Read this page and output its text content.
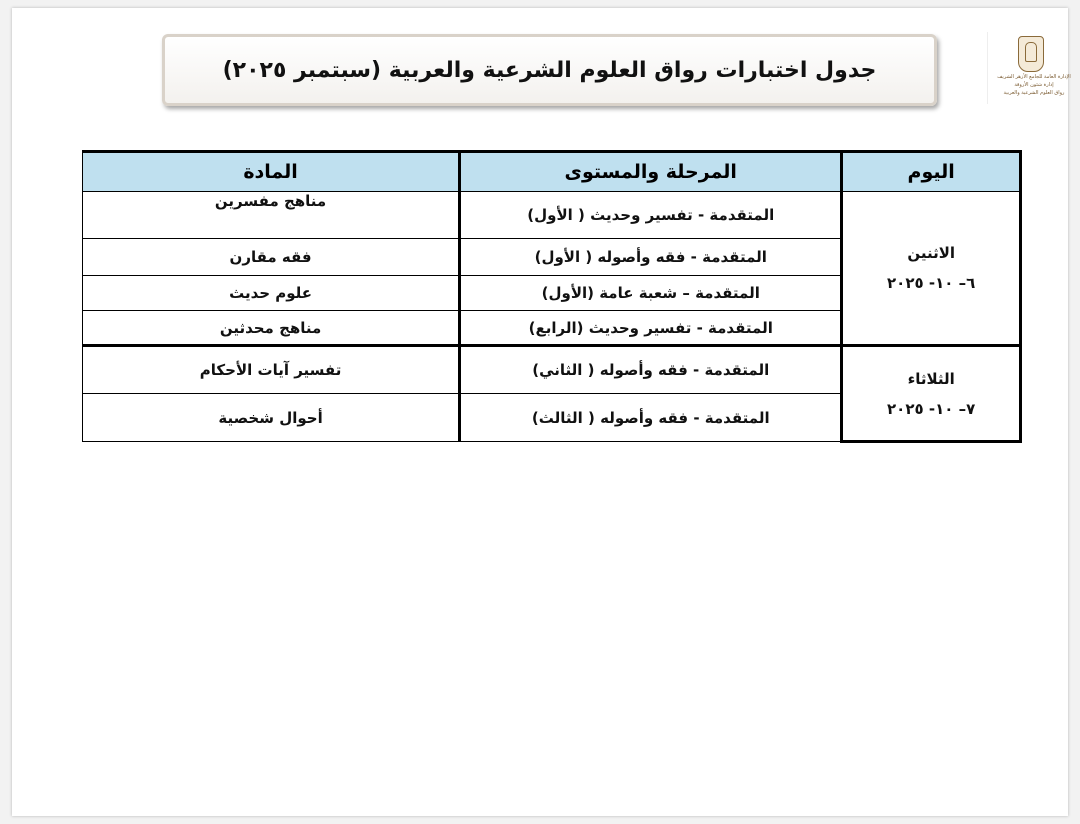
جدول اختبارات رواق العلوم الشرعية والعربية (سبتمبر ٢٠٢٥)	الإدارة العامة للجامع الأزهر الشريف
إدارة شئون الأروقة
رواق العلوم الشرعية والعربية
اليوم	المرحلة والمستوى	المادة

الاثنين
٦– ١٠- ٢٠٢٥	المتقدمة - تفسير وحديث ( الأول)	مناهج مفسرين
	المتقدمة - فقه وأصوله ( الأول)	فقه مقارن
	المتقدمة – شعبة عامة (الأول)	علوم حديث
	المتقدمة - تفسير وحديث (الرابع)	مناهج محدثين

الثلاثاء
٧– ١٠- ٢٠٢٥	المتقدمة - فقه وأصوله ( الثاني)	تفسير آيات الأحكام
	المتقدمة - فقه وأصوله ( الثالث)	أحوال شخصية
